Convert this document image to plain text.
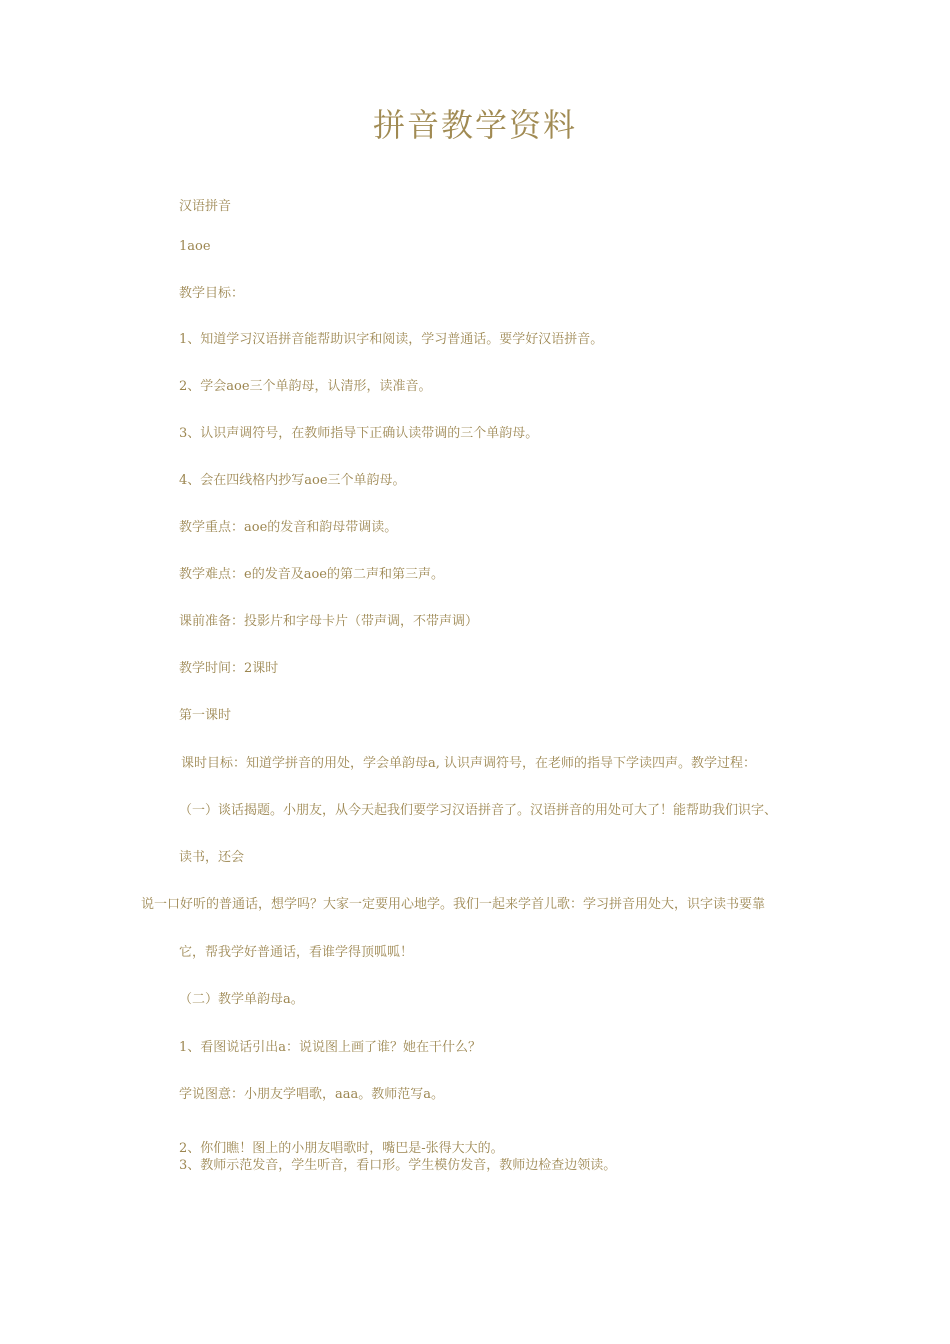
拼音教学资料
汉语拼音
1aoe
教学目标：
1、知道学习汉语拼音能帮助识字和阅读，学习普通话。要学好汉语拼音。
2、学会aoe三个单韵母，认清形，读准音。
3、认识声调符号，在教师指导下正确认读带调的三个单韵母。
4、会在四线格内抄写aoe三个单韵母。
教学重点：aoe的发音和韵母带调读。
教学难点：e的发音及aoe的第二声和第三声。
课前准备：投影片和字母卡片（带声调，不带声调）
教学时间：2课时
第一课时
课时目标：知道学拼音的用处，学会单韵母a, 认识声调符号，在老师的指导下学读四声。教学过程：
（一）谈话揭题。小朋友，从今天起我们要学习汉语拼音了。汉语拼音的用处可大了！能帮助我们识字、
读书，还会
说一口好听的普通话，想学吗？大家一定要用心地学。我们一起来学首儿歌：学习拼音用处大，识字读书要靠
它，帮我学好普通话，看谁学得顶呱呱！
（二）教学单韵母a。
1、看图说话引出a：说说图上画了谁？她在干什么？
学说图意：小朋友学唱歌，aaa。教师范写a。
2、你们瞧！图上的小朋友唱歌时，嘴巴是-张得大大的。
3、教师示范发音，学生听音，看口形。学生模仿发音，教师边检查边领读。
